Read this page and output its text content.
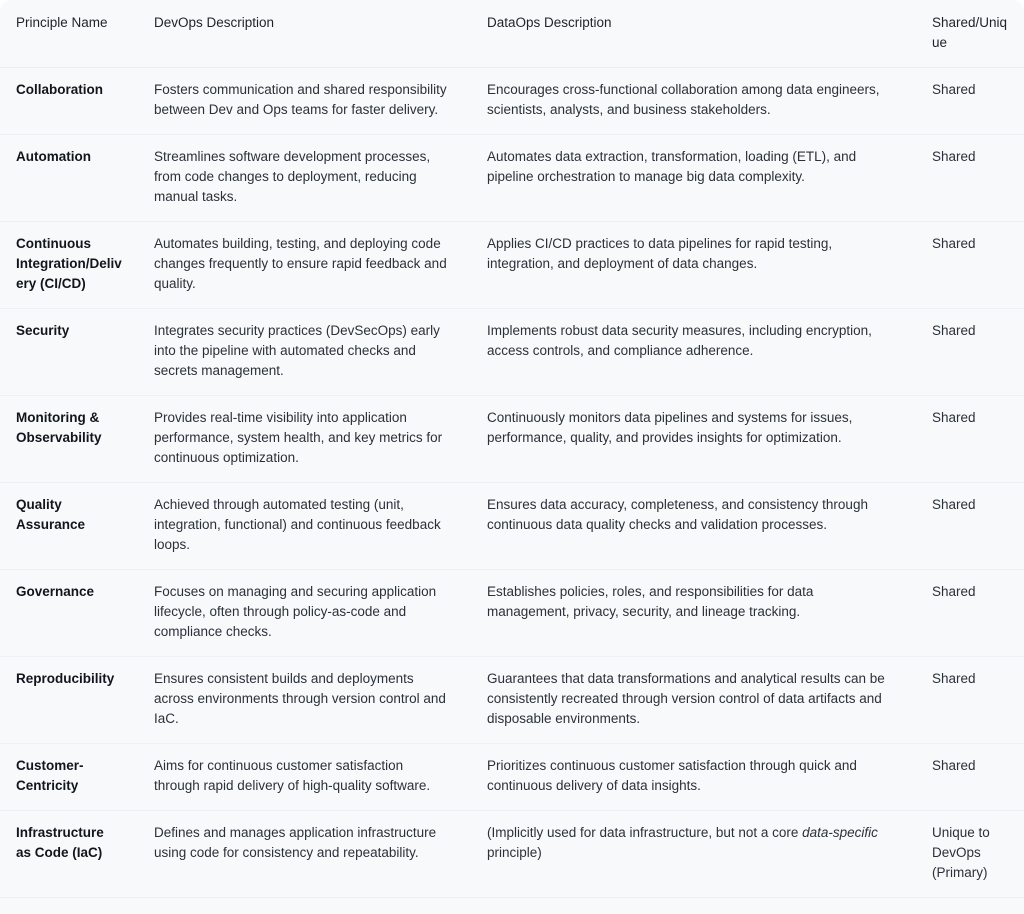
Principle Name	DevOps Description	DataOps Description	Shared/Unique
Collaboration	Fosters communication and shared responsibility between Dev and Ops teams for faster delivery.	Encourages cross-functional collaboration among data engineers, scientists, analysts, and business stakeholders.	Shared
Automation	Streamlines software development processes, from code changes to deployment, reducing manual tasks.	Automates data extraction, transformation, loading (ETL), and pipeline orchestration to manage big data complexity.	Shared
Continuous Integration/Delivery (CI/CD)	Automates building, testing, and deploying code changes frequently to ensure rapid feedback and quality.	Applies CI/CD practices to data pipelines for rapid testing, integration, and deployment of data changes.	Shared
Security	Integrates security practices (DevSecOps) early into the pipeline with automated checks and secrets management.	Implements robust data security measures, including encryption, access controls, and compliance adherence.	Shared
Monitoring & Observability	Provides real-time visibility into application performance, system health, and key metrics for continuous optimization.	Continuously monitors data pipelines and systems for issues, performance, quality, and provides insights for optimization.	Shared
Quality Assurance	Achieved through automated testing (unit, integration, functional) and continuous feedback loops.	Ensures data accuracy, completeness, and consistency through continuous data quality checks and validation processes.	Shared
Governance	Focuses on managing and securing application lifecycle, often through policy-as-code and compliance checks.	Establishes policies, roles, and responsibilities for data management, privacy, security, and lineage tracking.	Shared
Reproducibility	Ensures consistent builds and deployments across environments through version control and IaC.	Guarantees that data transformations and analytical results can be consistently recreated through version control of data artifacts and disposable environments.	Shared
Customer-Centricity	Aims for continuous customer satisfaction through rapid delivery of high-quality software.	Prioritizes continuous customer satisfaction through quick and continuous delivery of data insights.	Shared
Infrastructure as Code (IaC)	Defines and manages application infrastructure using code for consistency and repeatability.	(Implicitly used for data infrastructure, but not a core data-specific principle)	Unique to DevOps (Primary)
